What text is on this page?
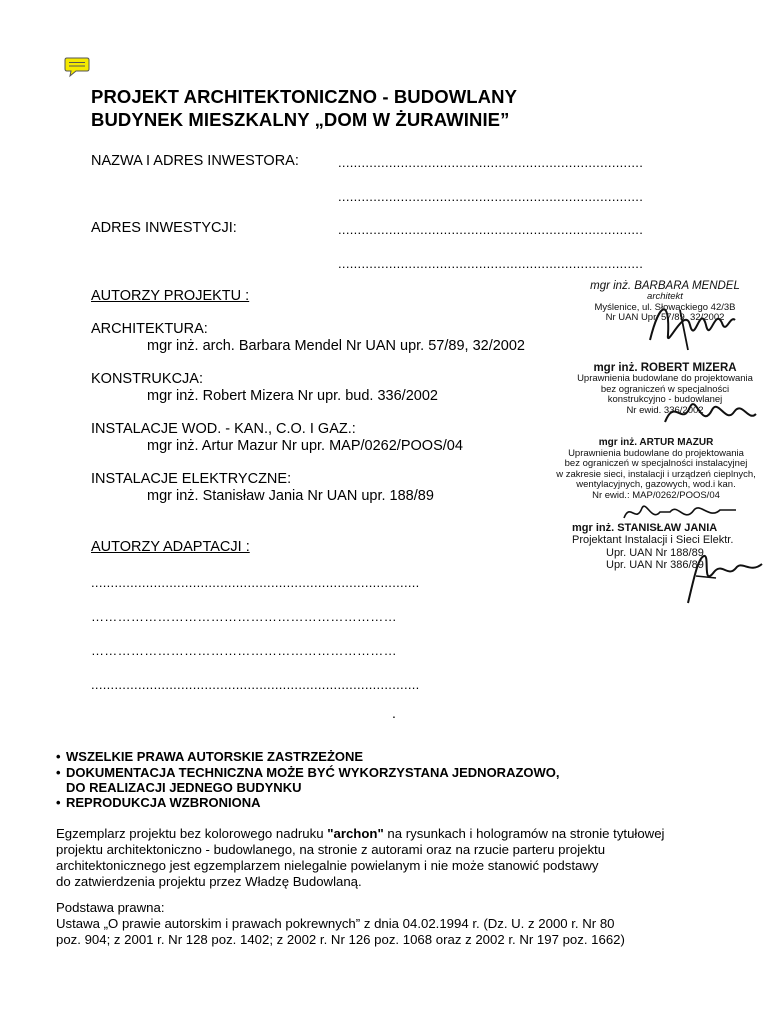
PROJEKT ARCHITEKTONICZNO - BUDOWLANY
BUDYNEK MIESZKALNY „DOM W ŻURAWINIE”
NAZWA I ADRES INWESTORA:	..............................................................................
..............................................................................
ADRES INWESTYCJI:	..............................................................................
..............................................................................
AUTORZY PROJEKTU :
ARCHITEKTURA:
mgr inż. arch. Barbara Mendel Nr UAN upr. 57/89, 32/2002
KONSTRUKCJA:
mgr inż. Robert Mizera Nr upr. bud. 336/2002
INSTALACJE WOD. - KAN., C.O. I GAZ.:
mgr inż. Artur Mazur Nr upr. MAP/0262/POOS/04
INSTALACJE ELEKTRYCZNE:
mgr inż. Stanisław Jania Nr UAN upr. 188/89
AUTORZY ADAPTACJI :
....................................................................................
……………………………………………………………
……………………………………………………………
....................................................................................
.
mgr inż. BARBARA MENDEL
architekt
Myślenice, ul. Słowackiego 42/3B
Nr UAN Upr. 57/89, 32/2002
mgr inż. ROBERT MIZERA
Uprawnienia budowlane do projektowania
bez ograniczeń w specjalności
konstrukcyjno - budowlanej
Nr ewid. 336/2002
mgr inż. ARTUR MAZUR
Uprawnienia budowlane do projektowania
bez ograniczeń w specjalności instalacyjnej
w zakresie sieci, instalacji i urządzeń cieplnych,
wentylacyjnych, gazowych, wod.i kan.
Nr ewid.: MAP/0262/POOS/04
mgr inż. STANISŁAW JANIA
Projektant Instalacji i Sieci Elektr.
Upr. UAN Nr 188/89
Upr. UAN Nr 386/89
• WSZELKIE PRAWA AUTORSKIE ZASTRZEŻONE
• DOKUMENTACJA TECHNICZNA MOŻE BYĆ WYKORZYSTANA JEDNORAZOWO,
DO REALIZACJI JEDNEGO BUDYNKU
• REPRODUKCJA WZBRONIONA
Egzemplarz projektu bez kolorowego nadruku "archon" na rysunkach i hologramów na stronie tytułowej
projektu architektoniczno - budowlanego, na stronie z autorami oraz na rzucie parteru projektu
architektonicznego jest egzemplarzem nielegalnie powielanym i nie może stanowić podstawy
do zatwierdzenia projektu przez Władzę Budowlaną.
Podstawa prawna:
Ustawa „O prawie autorskim i prawach pokrewnych” z dnia 04.02.1994 r. (Dz. U. z 2000 r. Nr 80
poz. 904; z 2001 r. Nr 128 poz. 1402; z 2002 r. Nr 126 poz. 1068 oraz z 2002 r. Nr 197 poz. 1662)
